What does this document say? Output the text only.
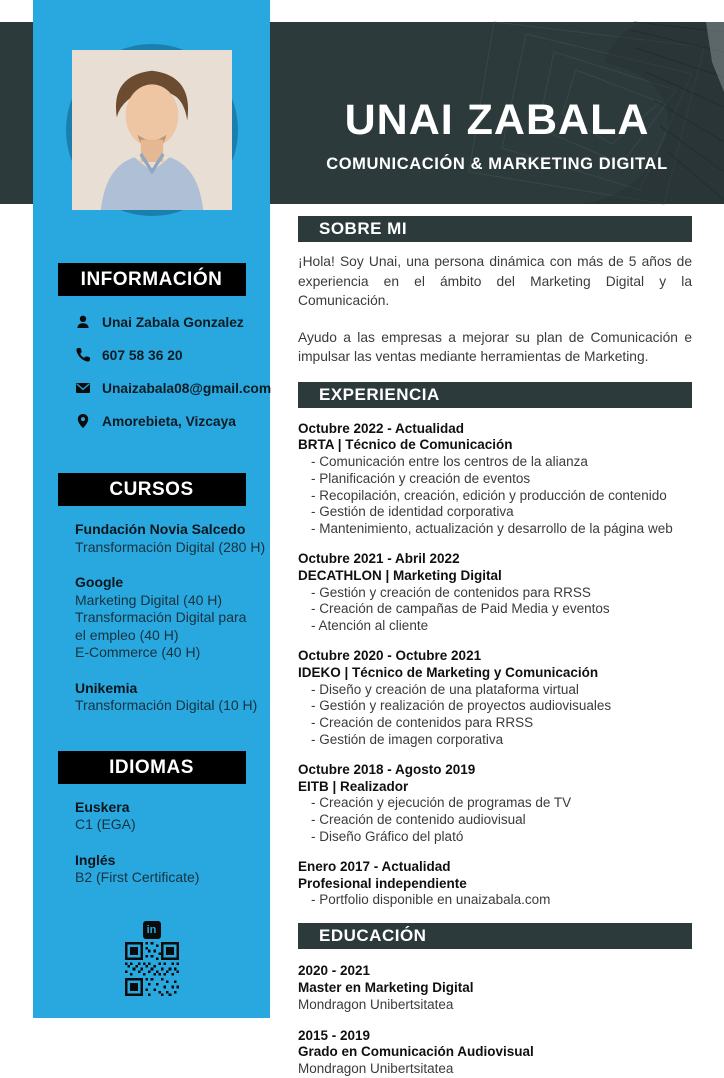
UNAI ZABALA
COMUNICACIÓN & MARKETING DIGITAL
INFORMACIÓN
Unai Zabala Gonzalez
607 58 36 20
Unaizabala08@gmail.com
Amorebieta, Vizcaya
CURSOS
Fundación Novia Salcedo
Transformación Digital (280 H)
Google
Marketing Digital (40 H)
Transformación Digital para
el empleo (40 H)
E-Commerce (40 H)
Unikemia
Transformación Digital (10 H)
IDIOMAS
Euskera
C1 (EGA)
Inglés
B2 (First Certificate)
in
SOBRE MI

¡Hola! Soy Unai, una persona dinámica con más de 5 años de experiencia en el ámbito del Marketing Digital y la Comunicación.

Ayudo a las empresas a mejorar su plan de Comunicación e impulsar las ventas mediante herramientas de Marketing.

EXPERIENCIA
Octubre 2022 - Actualidad
BRTA | Técnico de Comunicación
- Comunicación entre los centros de la alianza
- Planificación y creación de eventos
- Recopilación, creación, edición y producción de contenido
- Gestión de identidad corporativa
- Mantenimiento, actualización y desarrollo de la página web
Octubre 2021 - Abril 2022
DECATHLON | Marketing Digital
- Gestión y creación de contenidos para RRSS
- Creación de campañas de Paid Media y eventos
- Atención al cliente
Octubre 2020 - Octubre 2021
IDEKO | Técnico de Marketing y Comunicación
- Diseño y creación de una plataforma virtual
- Gestión y realización de proyectos audiovisuales
- Creación de contenidos para RRSS
- Gestión de imagen corporativa
Octubre 2018 - Agosto 2019
EITB | Realizador
- Creación y ejecución de programas de TV
- Creación de contenido audiovisual
- Diseño Gráfico del plató
Enero 2017 - Actualidad
Profesional independiente
- Portfolio disponible en unaizabala.com
EDUCACIÓN
2020 - 2021
Master en Marketing Digital
Mondragon Unibertsitatea
2015 - 2019
Grado en Comunicación Audiovisual
Mondragon Unibertsitatea
